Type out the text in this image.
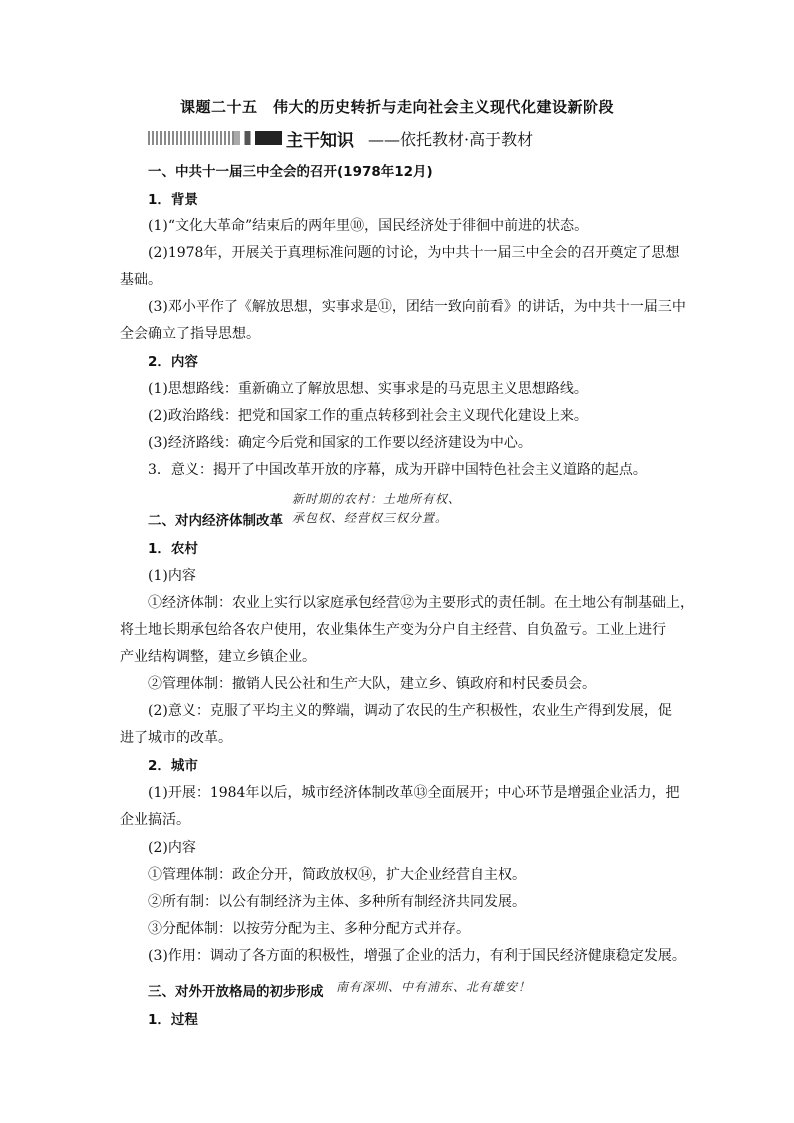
课题二十五　伟大的历史转折与走向社会主义现代化建设新阶段
主干知识 ——依托教材·高于教材
一、中共十一届三中全会的召开(1978年12月)
1．背景
(1)“文化大革命”结束后的两年里⑩，国民经济处于徘徊中前进的状态。
(2)1978年，开展关于真理标准问题的讨论，为中共十一届三中全会的召开奠定了思想
基础。
(3)邓小平作了《解放思想，实事求是⑪，团结一致向前看》的讲话，为中共十一届三中
全会确立了指导思想。
2．内容
(1)思想路线：重新确立了解放思想、实事求是的马克思主义思想路线。
(2)政治路线：把党和国家工作的重点转移到社会主义现代化建设上来。
(3)经济路线：确定今后党和国家的工作要以经济建设为中心。
3．意义：揭开了中国改革开放的序幕，成为开辟中国特色社会主义道路的起点。
新时期的农村：土地所有权、
二、对内经济体制改革 承包权、经营权三权分置。
1．农村
(1)内容
①经济体制：农业上实行以家庭承包经营⑫为主要形式的责任制。在土地公有制基础上，
将土地长期承包给各农户使用，农业集体生产变为分户自主经营、自负盈亏。工业上进行
产业结构调整，建立乡镇企业。
②管理体制：撤销人民公社和生产大队，建立乡、镇政府和村民委员会。
(2)意义：克服了平均主义的弊端，调动了农民的生产积极性，农业生产得到发展，促
进了城市的改革。
2．城市
(1)开展：1984年以后，城市经济体制改革⑬全面展开；中心环节是增强企业活力，把
企业搞活。
(2)内容
①管理体制：政企分开，简政放权⑭，扩大企业经营自主权。
②所有制：以公有制经济为主体、多种所有制经济共同发展。
③分配体制：以按劳分配为主、多种分配方式并存。
(3)作用：调动了各方面的积极性，增强了企业的活力，有利于国民经济健康稳定发展。
三、对外开放格局的初步形成 南有深圳、中有浦东、北有雄安！
1．过程
